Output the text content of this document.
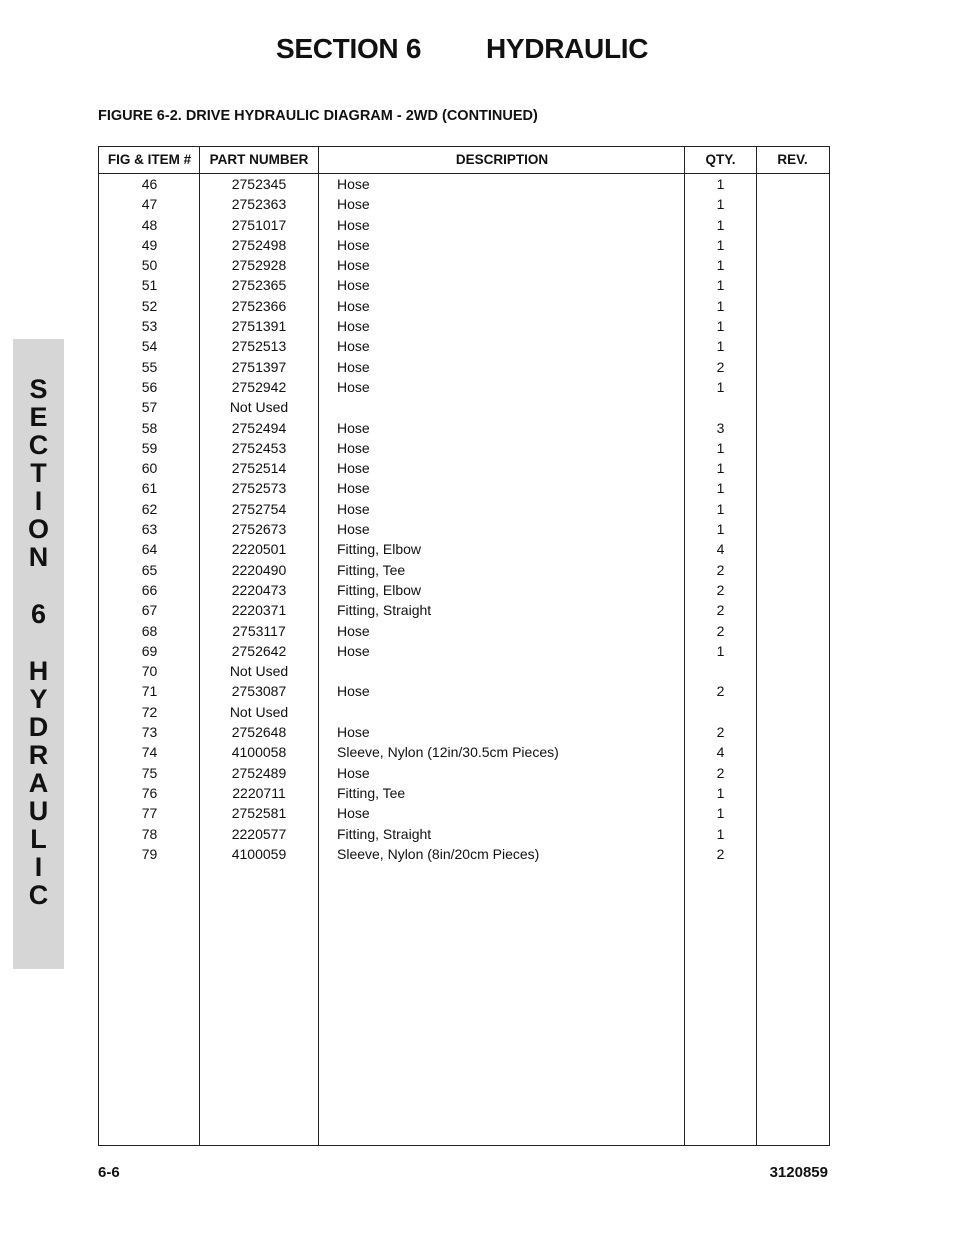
SECTION 6 HYDRAULIC
FIGURE 6-2. DRIVE HYDRAULIC DIAGRAM - 2WD (CONTINUED)
S
E
C
T
I
O
N
6
H
Y
D
R
A
U
L
I
C
FIG & ITEM #	PART NUMBER	DESCRIPTION	QTY.	REV.
46	2752345	Hose	1
47	2752363	Hose	1
48	2751017	Hose	1
49	2752498	Hose	1
50	2752928	Hose	1
51	2752365	Hose	1
52	2752366	Hose	1
53	2751391	Hose	1
54	2752513	Hose	1
55	2751397	Hose	2
56	2752942	Hose	1
57	Not Used
58	2752494	Hose	3
59	2752453	Hose	1
60	2752514	Hose	1
61	2752573	Hose	1
62	2752754	Hose	1
63	2752673	Hose	1
64	2220501	Fitting, Elbow	4
65	2220490	Fitting, Tee	2
66	2220473	Fitting, Elbow	2
67	2220371	Fitting, Straight	2
68	2753117	Hose	2
69	2752642	Hose	1
70	Not Used
71	2753087	Hose	2
72	Not Used
73	2752648	Hose	2
74	4100058	Sleeve, Nylon (12in/30.5cm Pieces)	4
75	2752489	Hose	2
76	2220711	Fitting, Tee	1
77	2752581	Hose	1
78	2220577	Fitting, Straight	1
79	4100059	Sleeve, Nylon (8in/20cm Pieces)	2
6-6	3120859
